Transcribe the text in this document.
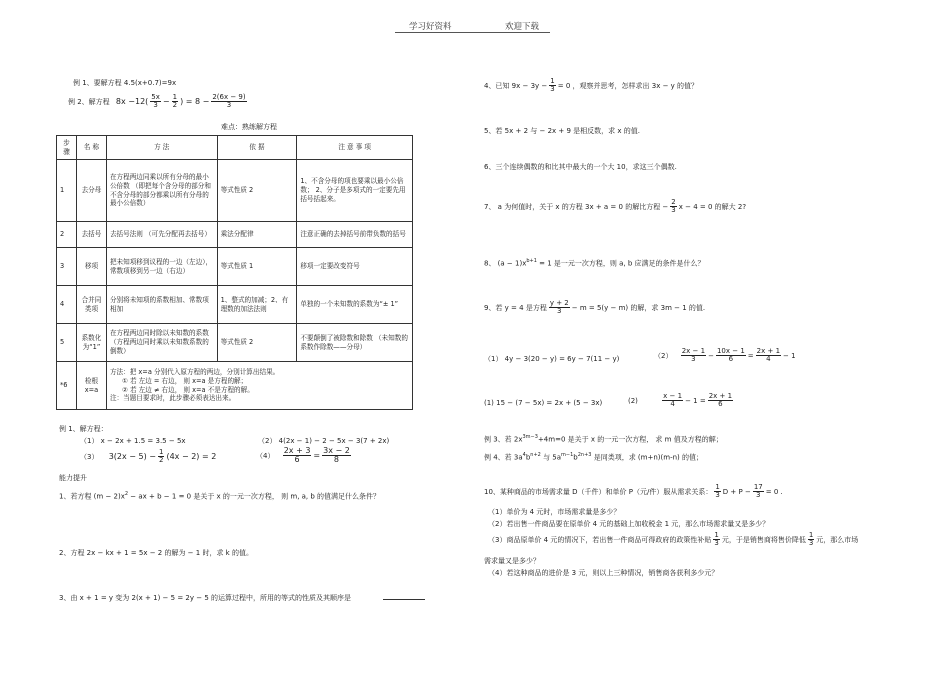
学习好资料	欢迎下载
例 1、要解方程 4.5(x+0.7)=9x
例 2、解方程 $8x -12( \frac{5x}{3} - \frac{1}{2}$ ) = $8 - \frac{2(6x - 9)}{3}$
难点：熟练解方程
步骤	名 称	方 法	依 据	注 意 事 项
1	去分母	在方程两边同乘以所有分母的最小公倍数 （即把每个含分母的部分和不含分母的部分都乘以所有分母的最小公倍数）	等式性质 2	1、不含分母的项也要乘以最小公倍数； 2、分子是多项式的一定要先用括号括起来。
2	去括号	去括号法则 （可先分配再去括号）	乘法分配律	注意正确的去掉括号前带负数的括号
3	移项	把未知项移到议程的一边（左边），常数项移到另一边（右边）	等式性质 1	移项一定要改变符号
4	合并同类项	分别将未知项的系数相加、常数项相加	1、整式的加减；2、有理数的加法法则	单独的一个未知数的系数为“± 1”
5	系数化为“1”	在方程两边同时除以未知数的系数（方程两边同时乘以未知数系数的倒数）	等式性质 2	不要颠倒了被除数和除数 （未知数的系数作除数——分母）
*6	检根 x=a	方法：把 x=a 分别代入原方程的两边，分别计算出结果。
① 若 左边 = 右边， 则 x=a 是方程的解；
② 若 左边 ≠ 右边， 则 x=a 不是方程的解。
注：当题目要求时，此步骤必须表达出来。		
例 1、解方程：
（1） x − 2x + 1.5 = 3.5 − 5x	（2） 4(2x − 1) − 2 − 5x − 3(7 + 2x)
（3） $3(2x - 5) - \frac{1}{2} (4x - 2) = 2$	$(4) \frac{2x + 3}{6} = \frac{3x - 2}{8}$
能力提升
1、若方程 $(m - 2)x^2$ − ax + b − 1 = 0 是关于 x 的一元一次方程， 则 m, a, b 的值满足什么条件？
2、方程 2x − kx + 1 = 5x − 2 的解为 − 1 时，求 k 的值。
3、由 x + 1 = y 变为 2(x + 1) − 5 = 2y − 5 的运算过程中，所用的等式的性质及其顺序是
4、已知 $9x - 3y - \frac{1}{3} = 0$ ，观察并思考，怎样求出 3x − y 的值？
5、若 5x + 2 与 − 2x + 9 是相反数，求 x 的值.
6、三个连续偶数的和比其中最大的一个大 10，求这三个偶数.
7、 a 为何值时，关于 x 的方程 3x + a = 0 的解比方程 − $\frac{2}{3}$ x − 4 = 0 的解大 2?
8、 $(a - 1)x^{b+1} = 1$ 是一元一次方程，则 a, b 应满足的条件是什么？
9、若 y = 4 是方程 $\frac{y + 2}{3} - m = 5(y - m)$ 的解，求 3m − 1 的值.
（1） 4y − 3(20 − y) = 6y − 7(11 − y)	$(2) \frac{2x - 1}{3} - \frac{10x - 1}{6} = \frac{2x + 1}{4} - 1$
(1) 15 − (7 − 5x) = 2x + (5 − 3x)	(2)	$\frac{x - 1}{4} - 1 = \frac{2x + 1}{6}$
例 3、若 $2x^{3m-3}+4m=0$ 是关于 x 的一元一次方程， 求 m 值及方程的解；
例 4、若 $3a^4b^{n+2}$ 与 $5a^{m-1}b^{2n+3}$ 是同类项，求 (m+n)(m-n) 的值；
10、某种商品的市场需求量 D（千件）和单价 P（元/件）服从需求关系： $\frac{1}{3}$ $D + P - \frac{17}{3} = 0$ .
（1）单价为 4 元时，市场需求量是多少？
（2）若出售一件商品要在原单价 4 元的基础上加收税金 1 元，那么市场需求量又是多少？
（3）商品原单价 4 元的情况下，若出售一件商品可得政府的政策性补贴 $\frac{1}{3}$ 元，于是销售商将售价降低 $\frac{1}{3}$ 元，那么市场
需求量又是多少？
（4）若这种商品的进价是 3 元，则以上三种情况，销售商各获利多少元？
